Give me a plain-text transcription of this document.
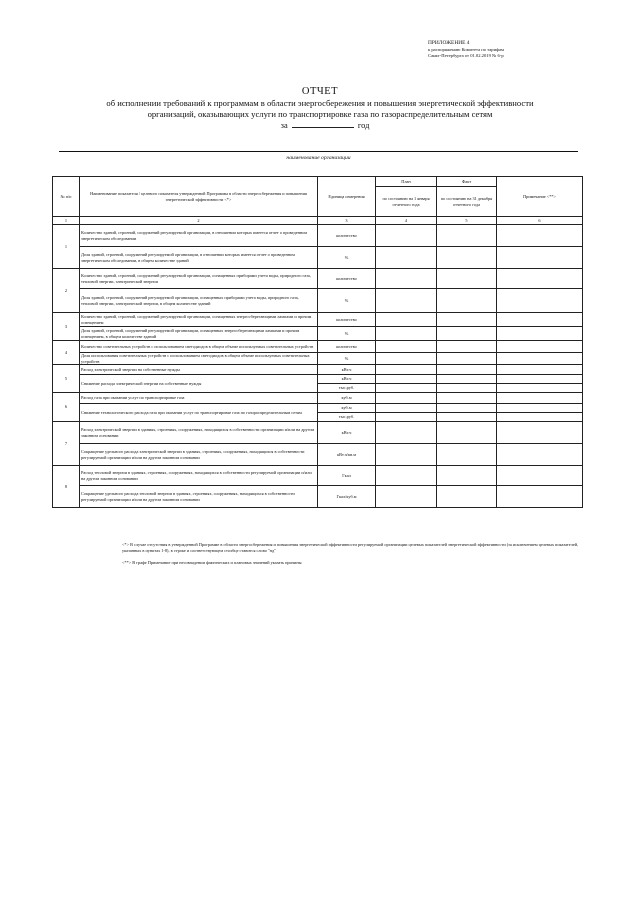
ПРИЛОЖЕНИЕ 4
к распоряжению Комитета по тарифам
Санкт-Петербурга от 01.02.2019 № 6-р
ОТЧЕТ
об исполнении требований к программам в области энергосбережения и повышения энергетической эффективности
организаций, оказывающих услуги по транспортировке газа по газораспределительным сетям
за	год
наименование организации
№ п/п	Наименование показателя / целевого показателя утвержденной Программы в области энергосбережения и повышения энергетической эффективности <*>	Единица измерения	План	Факт	Примечание <**>
			по состоянию на 1 января отчетного года	по состоянию на 31 декабря отчетного года	
1	2	3	4	5	6
1	Количество зданий, строений, сооружений регулируемой организации, в отношении которых имеется отчет о проведенном энергетическом обследовании	количество			
	Доля зданий, строений, сооружений регулируемой организации, в отношении которых имеется отчет о проведенном энергетическом обследовании, в общем количестве зданий	%			
2	Количество зданий, строений, сооружений регулируемой организации, оснащенных приборами учета воды, природного газа, тепловой энергии, электрической энергии	количество			
	Доля зданий, строений, сооружений регулируемой организации, оснащенных приборами учета воды, природного газа, тепловой энергии, электрической энергии, в общем количестве зданий	%			
3	Количество зданий, строений, сооружений регулируемой организации, оснащенных энергосберегающими лампами и прочим освещением	количество			
	Доля зданий, строений, сооружений регулируемой организации, оснащенных энергосберегающими лампами и прочим освещением, в общем количестве зданий	%			
4	Количество осветительных устройств с использованием светодиодов в общем объеме используемых осветительных устройств	количество			
	Доля использования осветительных устройств с использованием светодиодов в общем объеме используемых осветительных устройств	%			
5	Расход электрической энергии на собственные нужды	кВт.ч			
	Снижение расхода электрической энергии на собственные нужды	кВт.ч			
		тыс.руб.			
6	Расход газа при оказании услуг по транспортировке газа	куб.м			
	Снижение технологического расхода газа при оказании услуг по транспортировке газа по газораспределительным сетям	куб.м			
		тыс.руб.			
7	Расход электрической энергии в зданиях, строениях, сооружениях, находящихся в собственности организации и/или на другом законном основании	кВт.ч			
	Сокращение удельного расхода электрической энергии в зданиях, строениях, сооружениях, находящихся в собственности регулируемой организации и/или на другом законном основании	кВт.ч/кв.м			
8	Расход тепловой энергии в зданиях, строениях, сооружениях, находящихся в собственности регулируемой организации и/или на другом законном основании	Гкал			
	Сокращение удельного расхода тепловой энергии в зданиях, строениях, сооружениях, находящихся в собственности регулируемой организации и/или на другом законном основании	Гкал/куб.м			

<*> В случае отсутствия в утвержденной Программе в области энергосбережения и повышения энергетической эффективности регулируемой организации целевых показателей энергетической эффективности (за исключением целевых показателей, указанных в пунктах 1-8), в строке и соответствующем столбце ставится слово "нд"

<**> В графе Примечание при несовпадении фактических и плановых значений указать причины
